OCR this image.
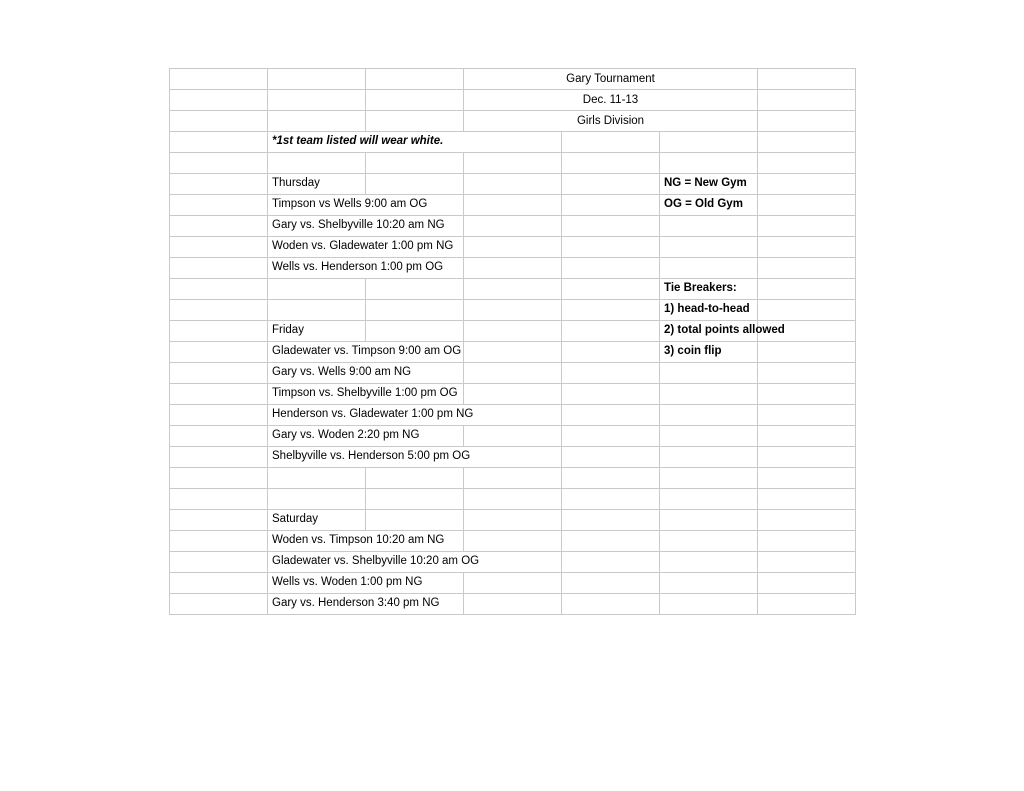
			Gary Tournament			
			Dec. 11-13			
			Girls Division			

	*1st team listed will wear white.					

	Thursday				NG = New Gym	

	Timpson vs Wells 9:00 am OG				OG = Old Gym	

	Gary vs. Shelbyville 10:20 am NG					

	Woden vs. Gladewater 1:00 pm NG					

	Wells vs. Henderson 1:00 pm OG					

					Tie Breakers:	

					1) head-to-head	

	Friday				2) total points allowed	

	Gladewater vs. Timpson 9:00 am OG				3) coin flip	

	Gary vs. Wells 9:00 am NG					

	Timpson vs. Shelbyville 1:00 pm OG					

	Henderson vs. Gladewater 1:00 pm NG					

	Gary vs. Woden 2:20 pm NG					

	Shelbyville vs. Henderson 5:00 pm OG					

	Saturday					

	Woden vs. Timpson 10:20 am NG					

	Gladewater vs. Shelbyville 10:20 am OG					

	Wells vs. Woden 1:00 pm NG					

	Gary vs. Henderson 3:40 pm NG					
